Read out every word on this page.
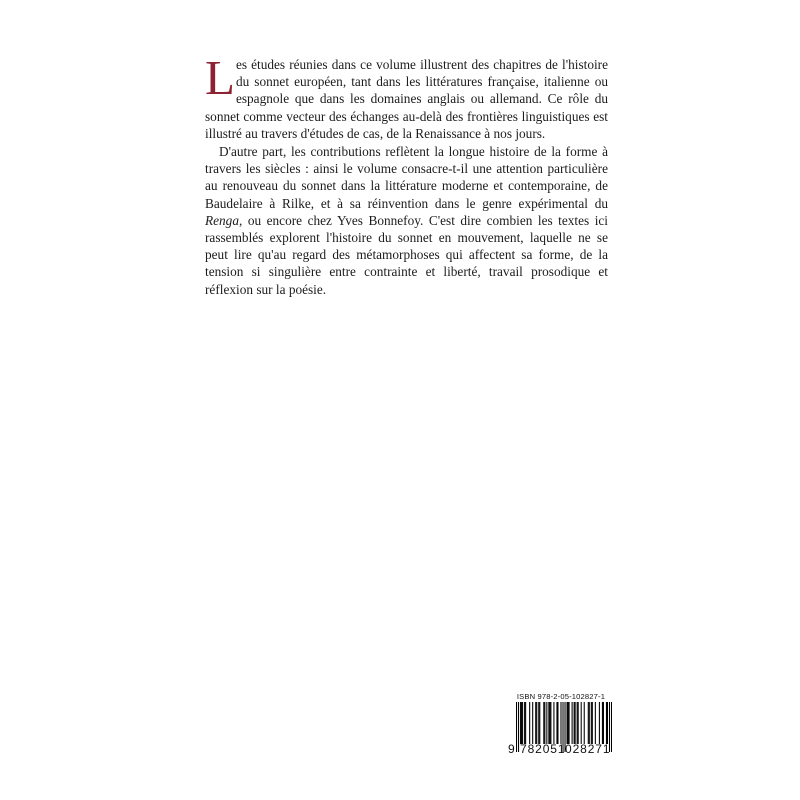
Les études réunies dans ce volume illustrent des chapitres de l'histoire du sonnet européen, tant dans les littératures française, italienne ou espagnole que dans les domaines anglais ou allemand. Ce rôle du sonnet comme vecteur des échanges au-delà des frontières linguistiques est illustré au travers d'études de cas, de la Renaissance à nos jours.

D'autre part, les contributions reflètent la longue histoire de la forme à travers les siècles : ainsi le volume consacre-t-il une attention particulière au renouveau du sonnet dans la littérature moderne et contemporaine, de Baudelaire à Rilke, et à sa réinvention dans le genre expérimental du Renga, ou encore chez Yves Bonnefoy. C'est dire combien les textes ici rassemblés explorent l'histoire du sonnet en mouvement, laquelle ne se peut lire qu'au regard des métamorphoses qui affectent sa forme, de la tension si singulière entre contrainte et liberté, travail prosodique et réflexion sur la poésie.

ISBN 978-2-05-102827-1
9 782051 028271
